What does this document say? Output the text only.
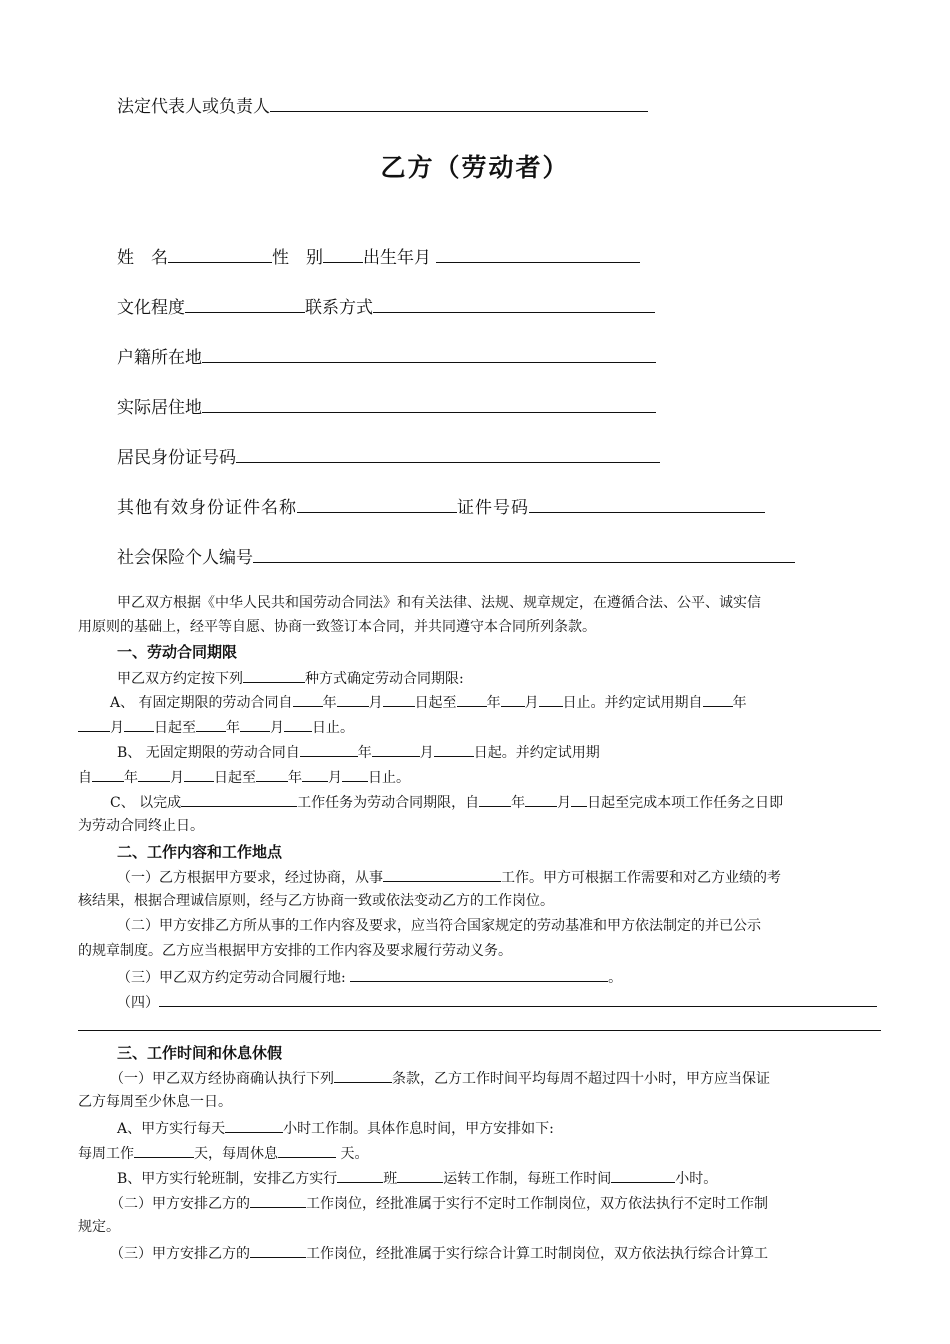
法定代表人或负责人
乙方（劳动者）
姓　名	性　别 出生年月
文化程度	联系方式
户籍所在地
实际居住地
居民身份证号码
其他有效身份证件名称	证件号码
社会保险个人编号
甲乙双方根据《中华人民共和国劳动合同法》和有关法律、法规、规章规定，在遵循合法、公平、诚实信
用原则的基础上，经平等自愿、协商一致签订本合同，并共同遵守本合同所列条款。
一、劳动合同期限
甲乙双方约定按下列	种方式确定劳动合同期限:
A、 有固定期限的劳动合同自 年 月 日起至 年 月 日止。并约定试用期自 年
月 日起至 年 月 日止。
B、 无固定期限的劳动合同自	年	月	日起。并约定试用期
自 年 月 日起至 年 月 日止。
C、 以完成	工作任务为劳动合同期限，自 年 月 日起至完成本项工作任务之日即
为劳动合同终止日。
二、工作内容和工作地点
（一）乙方根据甲方要求，经过协商，从事	工作。甲方可根据工作需要和对乙方业绩的考
核结果，根据合理诚信原则，经与乙方协商一致或依法变动乙方的工作岗位。
（二）甲方安排乙方所从事的工作内容及要求，应当符合国家规定的劳动基准和甲方依法制定的并已公示
的规章制度。乙方应当根据甲方安排的工作内容及要求履行劳动义务。
（三）甲乙双方约定劳动合同履行地:	。
（四）
三、工作时间和休息休假
（一）甲乙双方经协商确认执行下列	条款，乙方工作时间平均每周不超过四十小时，甲方应当保证
乙方每周至少休息一日。
A、甲方实行每天	小时工作制。具体作息时间，甲方安排如下:
每周工作	天，每周休息	天。
B、甲方实行轮班制，安排乙方实行	班	运转工作制，每班工作时间	小时。
（二）甲方安排乙方的	工作岗位，经批准属于实行不定时工作制岗位，双方依法执行不定时工作制
规定。
（三）甲方安排乙方的	工作岗位，经批准属于实行综合计算工时制岗位，双方依法执行综合计算工
